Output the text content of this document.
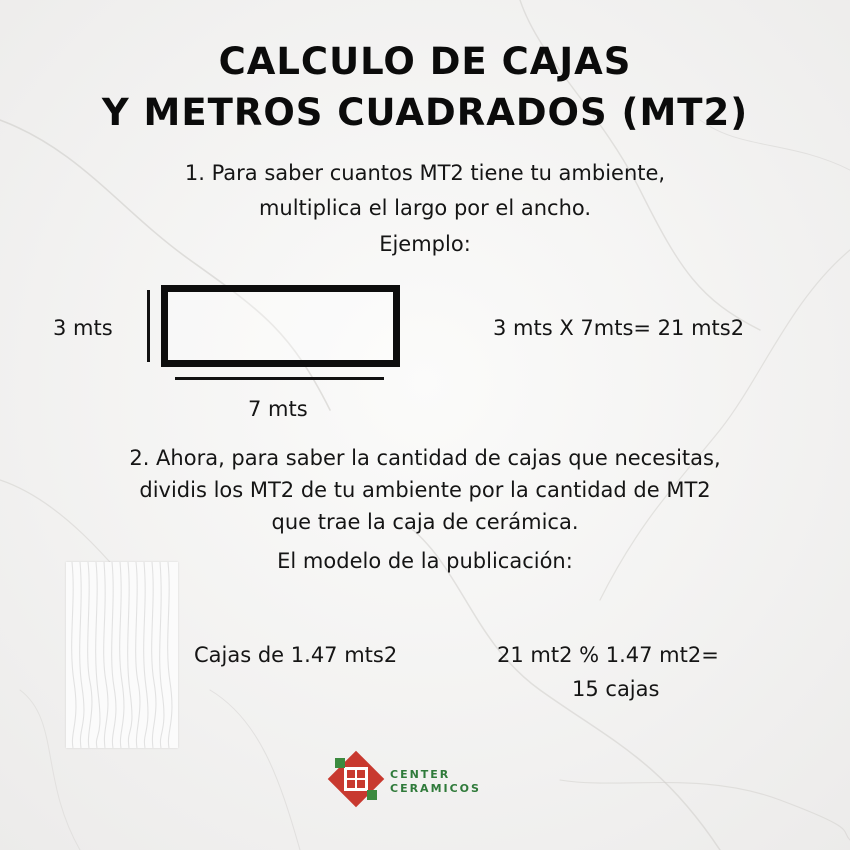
CALCULO DE CAJAS
Y METROS CUADRADOS (MT2)
1. Para saber cuantos MT2 tiene tu ambiente,
multiplica el largo por el ancho.
Ejemplo:
3 mts
7 mts
3 mts X 7mts= 21 mts2
2. Ahora, para saber la cantidad de cajas que necesitas,
dividis los MT2 de tu ambiente por la cantidad de MT2
que trae la caja de cerámica.
El modelo de la publicación:
Cajas de 1.47 mts2	21 mt2 % 1.47 mt2=
15 cajas
CENTER
CERAMICOS
